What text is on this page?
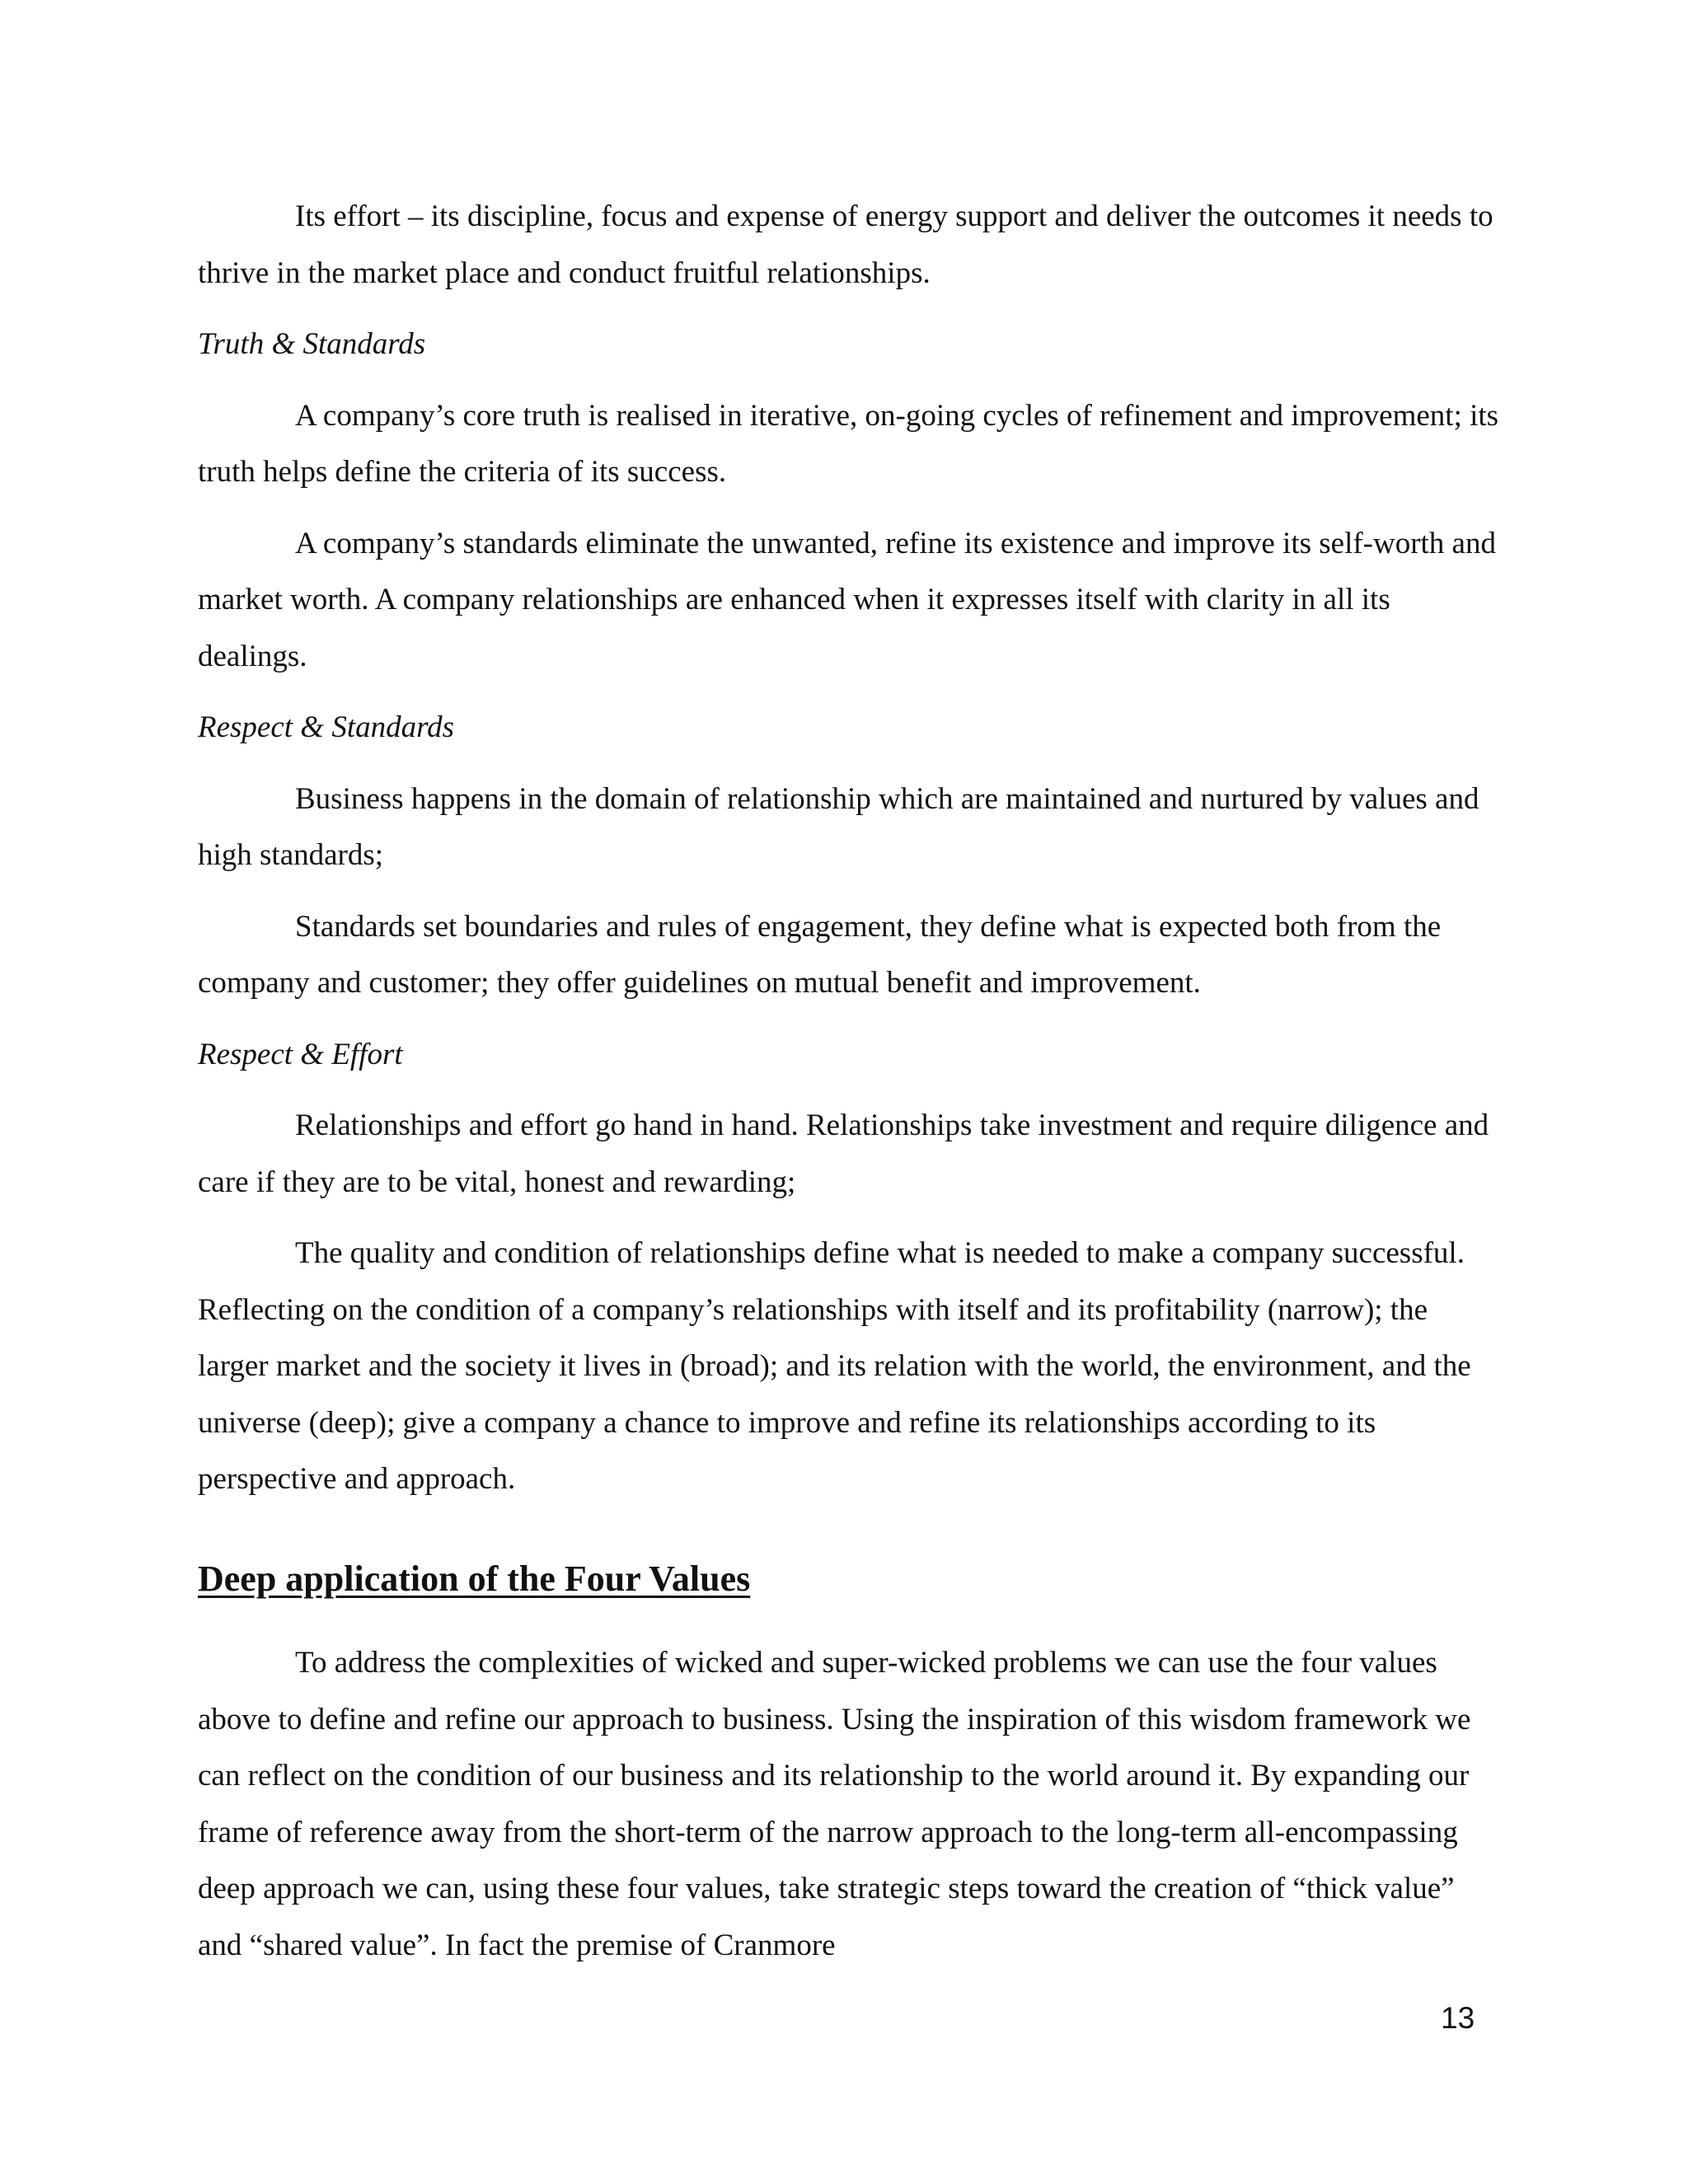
Its effort – its discipline, focus and expense of energy support and deliver the outcomes it needs to thrive in the market place and conduct fruitful relationships.

Truth & Standards

A company’s core truth is realised in iterative, on-going cycles of refinement and improvement; its truth helps define the criteria of its success.

A company’s standards eliminate the unwanted, refine its existence and improve its self-worth and market worth. A company relationships are enhanced when it expresses itself with clarity in all its dealings.

Respect & Standards

Business happens in the domain of relationship which are maintained and nurtured by values and high standards;

Standards set boundaries and rules of engagement, they define what is expected both from the company and customer; they offer guidelines on mutual benefit and improvement.

Respect & Effort

Relationships and effort go hand in hand. Relationships take investment and require diligence and care if they are to be vital, honest and rewarding;

The quality and condition of relationships define what is needed to make a company successful. Reflecting on the condition of a company’s relationships with itself and its profitability (narrow); the larger market and the society it lives in (broad); and its relation with the world, the environment, and the universe (deep); give a company a chance to improve and refine its relationships according to its perspective and approach.

Deep application of the Four Values

To address the complexities of wicked and super-wicked problems we can use the four values above to define and refine our approach to business. Using the inspiration of this wisdom framework we can reflect on the condition of our business and its relationship to the world around it. By expanding our frame of reference away from the short-term of the narrow approach to the long-term all-encompassing deep approach we can, using these four values, take strategic steps toward the creation of “thick value” and “shared value”. In fact the premise of Cranmore

13
